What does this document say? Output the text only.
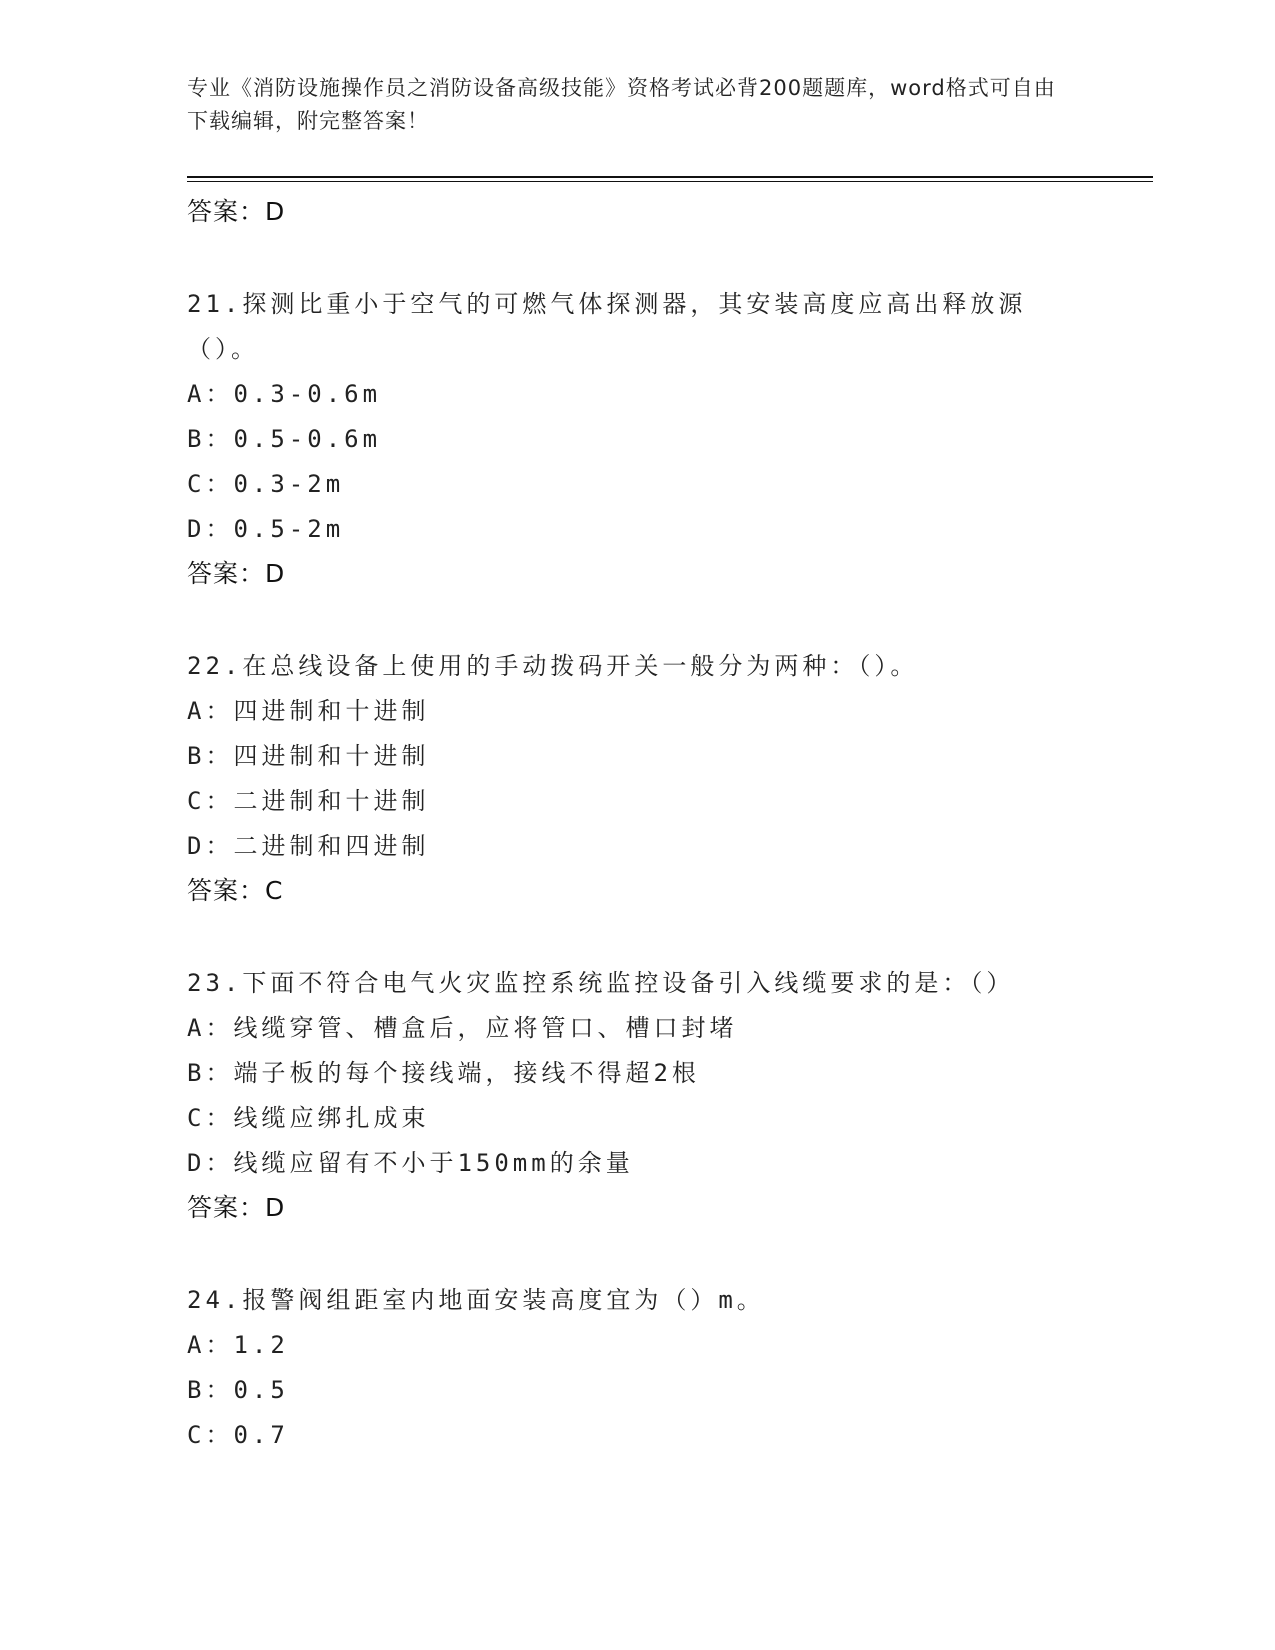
专业《消防设施操作员之消防设备高级技能》资格考试必背200题题库，word格式可自由下载编辑，附完整答案！
答案：D
21.探测比重小于空气的可燃气体探测器，其安装高度应高出释放源（）。
A：0.3-0.6m
B：0.5-0.6m
C：0.3-2m
D：0.5-2m
答案：D
22.在总线设备上使用的手动拨码开关一般分为两种：（）。
A：四进制和十进制
B：四进制和十进制
C：二进制和十进制
D：二进制和四进制
答案：C
23.下面不符合电气火灾监控系统监控设备引入线缆要求的是：（）
A：线缆穿管、槽盒后，应将管口、槽口封堵
B：端子板的每个接线端，接线不得超2根
C：线缆应绑扎成束
D：线缆应留有不小于150mm的余量
答案：D
24.报警阀组距室内地面安装高度宜为（）m。
A：1.2
B：0.5
C：0.7
